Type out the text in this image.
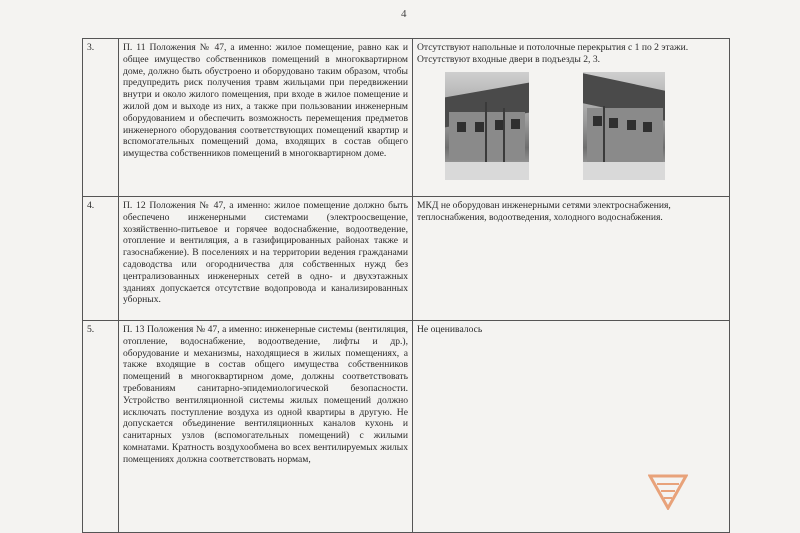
4
3.	П. 11 Положения № 47, а именно: жилое помещение, равно как и общее имущество собственников помещений в многоквартирном доме, должно быть обустроено и оборудовано таким образом, чтобы предупредить риск получения травм жильцами при передвижении внутри и около жилого помещения, при входе в жилое помещение и жилой дом и выходе из них, а также при пользовании инженерным оборудованием и обеспечить возможность перемещения предметов инженерного оборудования соответствующих помещений квартир и вспомогательных помещений дома, входящих в состав общего имущества собственников помещений в многоквартирном доме.	Отсутствуют напольные и потолочные перекрытия с 1 по 2 этажи. Отсутствуют входные двери в подъезды 2, 3.

4.	П. 12 Положения № 47, а именно: жилое помещение должно быть обеспечено инженерными системами (электроосвещение, хозяйственно-питьевое и горячее водоснабжение, водоотведение, отопление и вентиляция, а в газифицированных районах также и газоснабжение). В поселениях и на территории ведения гражданами садоводства или огородничества для собственных нужд без централизованных инженерных сетей в одно- и двухэтажных зданиях допускается отсутствие водопровода и канализированных уборных.	МКД не оборудован инженерными сетями электроснабжения, теплоснабжения, водоотведения, холодного водоснабжения.
5.	П. 13 Положения № 47, а именно: инженерные системы (вентиляция, отопление, водоснабжение, водоотведение, лифты и др.), оборудование и механизмы, находящиеся в жилых помещениях, а также входящие в состав общего имущества собственников помещений в многоквартирном доме, должны соответствовать требованиям санитарно-эпидемиологической безопасности. Устройство вентиляционной системы жилых помещений должно исключать поступление воздуха из одной квартиры в другую. Не допускается объединение вентиляционных каналов кухонь и санитарных узлов (вспомогательных помещений) с жилыми комнатами. Кратность воздухообмена во всех вентилируемых жилых помещениях должна соответствовать нормам,	Не оценивалось
